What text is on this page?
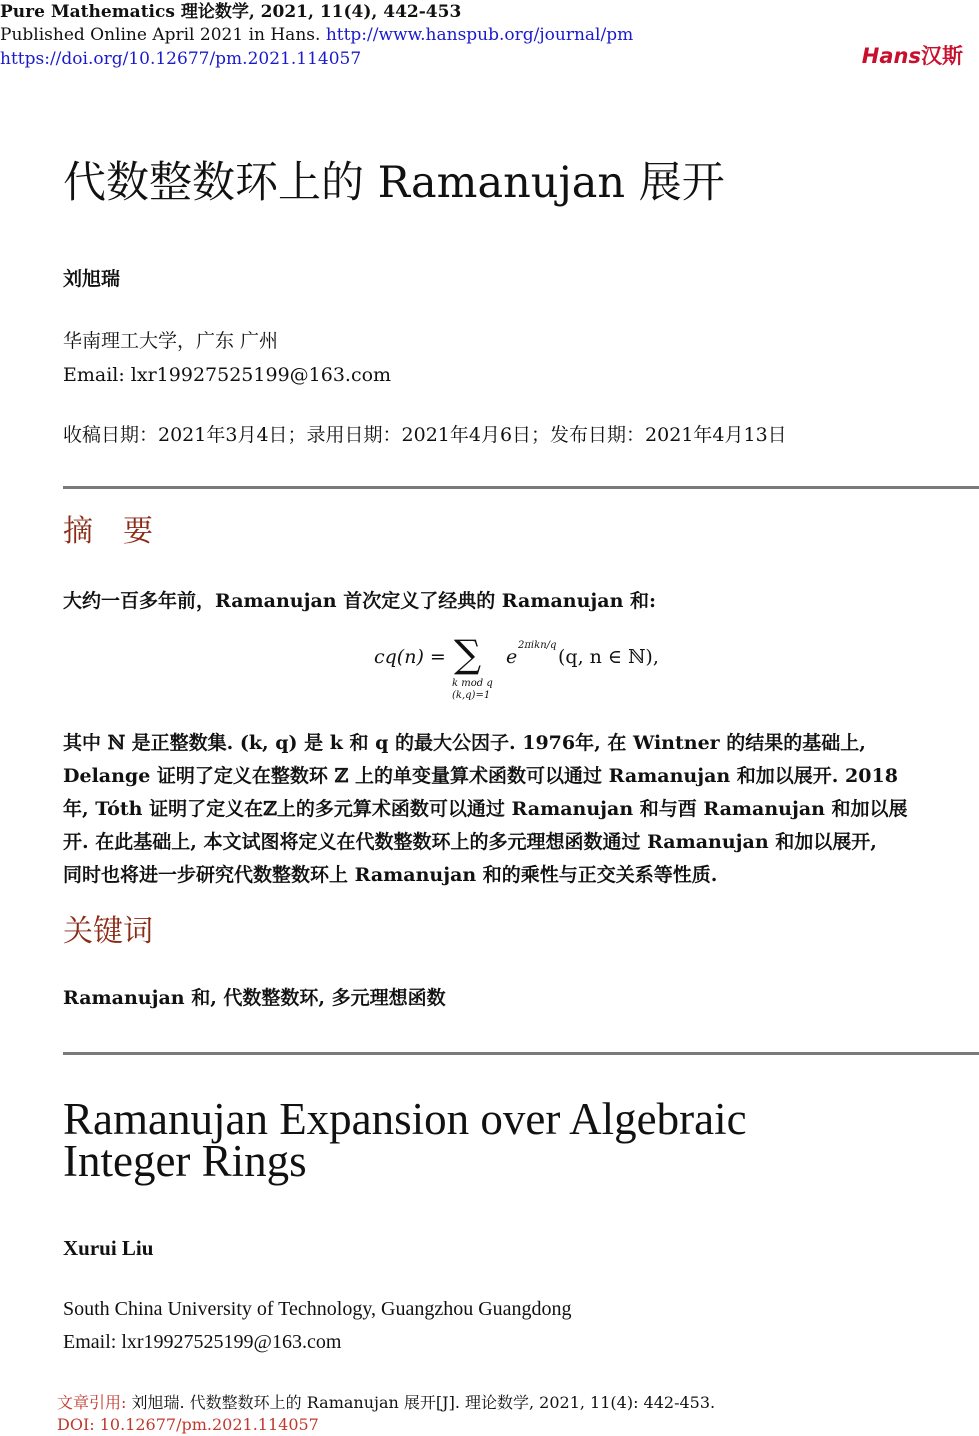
Pure Mathematics 理论数学, 2021, 11(4), 442-453
Published Online April 2021 in Hans. http://www.hanspub.org/journal/pm
https://doi.org/10.12677/pm.2021.114057	Hans汉斯
代数整数环上的 Ramanujan 展开
刘旭瑞
华南理工大学，广东 广州
Email: lxr19927525199@163.com
收稿日期：2021年3月4日；录用日期：2021年4月6日；发布日期：2021年4月13日
摘　要
大约一百多年前，Ramanujan 首次定义了经典的 Ramanujan 和:
cq(n) = ∑
k mod q
(k,q)=1
e
2πikn/q
(q, n ∈ ℕ),
其中 ℕ 是正整数集. (k, q) 是 k 和 q 的最大公因子. 1976年, 在 Wintner 的结果的基础上,
Delange 证明了定义在整数环 ℤ 上的单变量算术函数可以通过 Ramanujan 和加以展开. 2018
年, Tóth 证明了定义在ℤ上的多元算术函数可以通过 Ramanujan 和与酉 Ramanujan 和加以展
开. 在此基础上, 本文试图将定义在代数整数环上的多元理想函数通过 Ramanujan 和加以展开,
同时也将进一步研究代数整数环上 Ramanujan 和的乘性与正交关系等性质.
关键词
Ramanujan 和, 代数整数环, 多元理想函数
Ramanujan Expansion over Algebraic
Integer Rings
Xurui Liu
South China University of Technology, Guangzhou Guangdong
Email: lxr19927525199@163.com
文章引用: 刘旭瑞. 代数整数环上的 Ramanujan 展开[J]. 理论数学, 2021, 11(4): 442-453.
DOI: 10.12677/pm.2021.114057
